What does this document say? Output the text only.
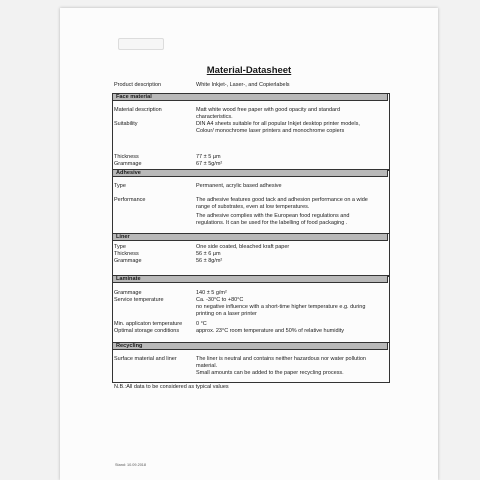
Material-Datasheet
Product description	White Inkjet-, Laser-, and Copierlabels
Face material
Material description	Matt white wood free paper with good opacity and standard characteristics.
Suitability	DIN A4 sheets suitable for all popular Inkjet desktop printer models, Colour/ monochrome laser printers and monochrome copiers
Thickness	77 ± 5 µm
Grammage	67 ± 5g/m²
Adhesive
Type	Permanent, acrylic based adhesive
Performance	The adhesive features good tack and adhesion performance on a wide range of substrates, even at low temperatures.
The adhesive complies with the European food regulations and regulations. It can be used for the labelling of food packaging .
Liner
Type	One side coated, bleached kraft paper
Thickness	56 ± 6 µm
Grammage	56 ± 8g/m²
Laminate
Grammage	140 ± 5 g/m²
Service temperature	Ca. -30°C to +80°C
no negative influence with a short-time higher temperature e.g. during printing on a laser printer
Min. applicaton temperature	0 °C
Optimal storage conditions	approx. 23°C room temperature and 50% of relative humidity
Recycling
Surface material and liner	The liner is neutral and contains neither hazardous nor water pollution material.
Small amounts can be added to the paper recycling process.
N.B.:All data to be considered as typical values
Stand: 10.09.2018
